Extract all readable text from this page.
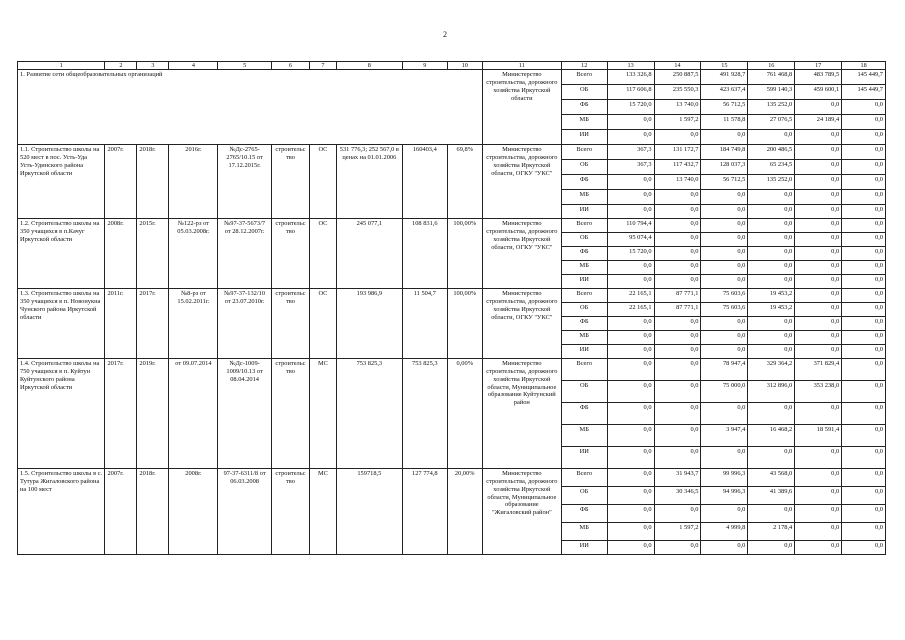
2
1	2	3	4	5	6	7	8	9	10	11	12	13	14	15	16	17	18
1. Развитие сети общеобразовательных организаций										Министерство строительства, дорожного хозяйства Иркутской области	Всего	133 326,8	250 887,5	491 928,7	761 468,8	483 789,5	145 449,7
											ОБ	117 606,8	235 550,3	423 637,4	599 140,3	459 600,1	145 449,7
											ФБ	15 720,0	13 740,0	56 712,5	135 252,0	0,0	0,0
											МБ	0,0	1 597,2	11 578,8	27 076,5	24 189,4	0,0
											ИИ	0,0	0,0	0,0	0,0	0,0	0,0
1.1. Строительство школы на 520 мест в пос. Усть-Уда Усть-Удинского района Иркутской области	2007г.	2018г.	2016г.	№Дс-2765-2765/10.15 от 17.12.2015г.	строительс тво	ОС	531 776,3; 252 567,0 в ценах на 01.01.2006	160403,4	69,8%	Министерство строительства, дорожного хозяйства Иркутской области, ОГКУ "УКС"	Всего	367,3	131 172,7	184 749,8	200 486,5	0,0	0,0
											ОБ	367,3	117 432,7	128 037,3	65 234,5	0,0	0,0
											ФБ	0,0	13 740,0	56 712,5	135 252,0	0,0	0,0
											МБ	0,0	0,0	0,0	0,0	0,0	0,0
											ИИ	0,0	0,0	0,0	0,0	0,0	0,0
1.2. Строительство школы на 350 учащихся в п.Качуг Иркутской области	2008г.	2015г.	№122-рз от 05.03.2008г.	№97-37-5673/7 от 28.12.2007г.	строительс тво	ОС	245 077,1	108 831,6	100,00%	Министерство строительства, дорожного хозяйства Иркутской области, ОГКУ "УКС"	Всего	110 794,4	0,0	0,0	0,0	0,0	0,0
											ОБ	95 074,4	0,0	0,0	0,0	0,0	0,0
											ФБ	15 720,0	0,0	0,0	0,0	0,0	0,0
											МБ	0,0	0,0	0,0	0,0	0,0	0,0
											ИИ	0,0	0,0	0,0	0,0	0,0	0,0
1.3. Строительство школы на 350 учащихся в п. Новонукна Чунского района Иркутской области	2011г.	2017г.	№8-рз от 15.02.2011г.	№97-37-132/10 от 23.07.2010г.	строительс тво	ОС	193 986,9	11 504,7	100,00%	Министерство строительства, дорожного хозяйства Иркутской области, ОГКУ "УКС"	Всего	22 165,1	87 771,1	75 603,6	19 453,2	0,0	0,0
											ОБ	22 165,1	87 771,1	75 603,6	19 453,2	0,0	0,0
											ФБ	0,0	0,0	0,0	0,0	0,0	0,0
											МБ	0,0	0,0	0,0	0,0	0,0	0,0
											ИИ	0,0	0,0	0,0	0,0	0,0	0,0
1.4. Строительство школы на 750 учащихся в п. Куйтун Куйтунского района Иркутской области	2017г.	2019г.	от 09.07.2014	№Дс-1009-1009/10.13 от 08.04.2014	строительс тво	МС	753 825,3	753 825,3	0,00%	Министерство строительства, дорожного хозяйства Иркутской области, Муниципальное образование Куйтунский район	Всего	0,0	0,0	78 947,4	329 364,2	371 829,4	0,0
											ОБ	0,0	0,0	75 000,0	312 896,0	353 238,0	0,0
											ФБ	0,0	0,0	0,0	0,0	0,0	0,0
											МБ	0,0	0,0	3 947,4	16 468,2	18 591,4	0,0
											ИИ	0,0	0,0	0,0	0,0	0,0	0,0
1.5. Строительство школы в с. Тутура Жигаловского района на 100 мест	2007г.	2018г.	2008г.	97-37-6311/8 от 06.03.2008	строительс тво	МС	159718,5	127 774,8	20,00%	Министерство строительства, дорожного хозяйства Иркутской области, Муниципальное образование "Жигаловский район"	Всего	0,0	31 943,7	99 996,3	43 568,0	0,0	0,0
											ОБ	0,0	30 346,5	94 996,3	41 389,6	0,0	0,0
											ФБ	0,0	0,0	0,0	0,0	0,0	0,0
											МБ	0,0	1 597,2	4 999,8	2 178,4	0,0	0,0
											ИИ	0,0	0,0	0,0	0,0	0,0	0,0
